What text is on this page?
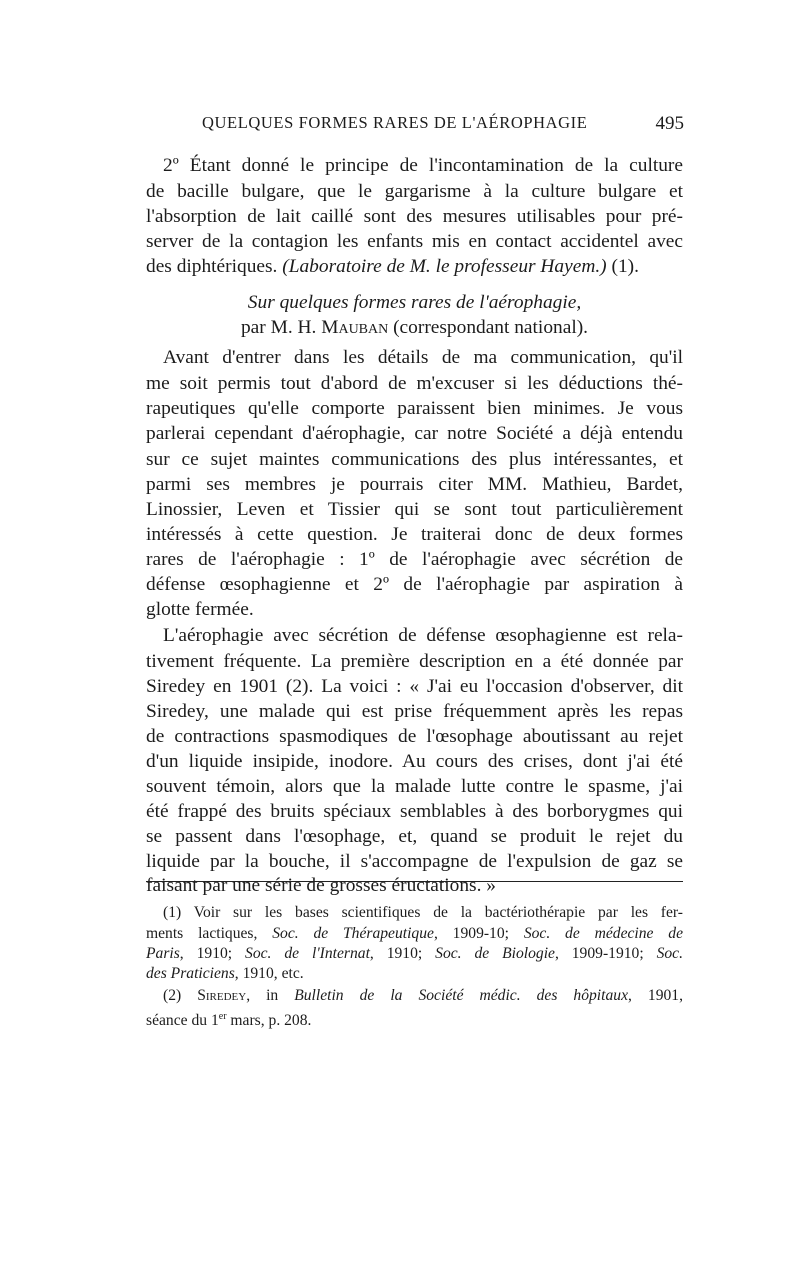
QUELQUES FORMES RARES DE L'AÉROPHAGIE	495
2º Étant donné le principe de l'incontamination de la culture
de bacille bulgare, que le gargarisme à la culture bulgare et
l'absorption de lait caillé sont des mesures utilisables pour pré-
server de la contagion les enfants mis en contact accidentel avec
des diphtériques. (Laboratoire de M. le professeur Hayem.) (1).
Sur quelques formes rares de l'aérophagie,
par M. H. Mauban (correspondant national).
Avant d'entrer dans les détails de ma communication, qu'il
me soit permis tout d'abord de m'excuser si les déductions thé-
rapeutiques qu'elle comporte paraissent bien minimes. Je vous
parlerai cependant d'aérophagie, car notre Société a déjà entendu
sur ce sujet maintes communications des plus intéressantes, et
parmi ses membres je pourrais citer MM. Mathieu, Bardet,
Linossier, Leven et Tissier qui se sont tout particulièrement
intéressés à cette question. Je traiterai donc de deux formes
rares de l'aérophagie : 1º de l'aérophagie avec sécrétion de
défense œsophagienne et 2º de l'aérophagie par aspiration à
glotte fermée.
L'aérophagie avec sécrétion de défense œsophagienne est rela-
tivement fréquente. La première description en a été donnée par
Siredey en 1901 (2). La voici : « J'ai eu l'occasion d'observer, dit
Siredey, une malade qui est prise fréquemment après les repas
de contractions spasmodiques de l'œsophage aboutissant au rejet
d'un liquide insipide, inodore. Au cours des crises, dont j'ai été
souvent témoin, alors que la malade lutte contre le spasme, j'ai
été frappé des bruits spéciaux semblables à des borborygmes qui
se passent dans l'œsophage, et, quand se produit le rejet du
liquide par la bouche, il s'accompagne de l'expulsion de gaz se
faisant par une série de grosses éructations. »
(1) Voir sur les bases scientifiques de la bactériothérapie par les fer-
ments lactiques, Soc. de Thérapeutique, 1909-10; Soc. de médecine de
Paris, 1910; Soc. de l'Internat, 1910; Soc. de Biologie, 1909-1910; Soc.
des Praticiens, 1910, etc.
(2) Siredey, in Bulletin de la Société médic. des hôpitaux, 1901,
séance du 1er mars, p. 208.
